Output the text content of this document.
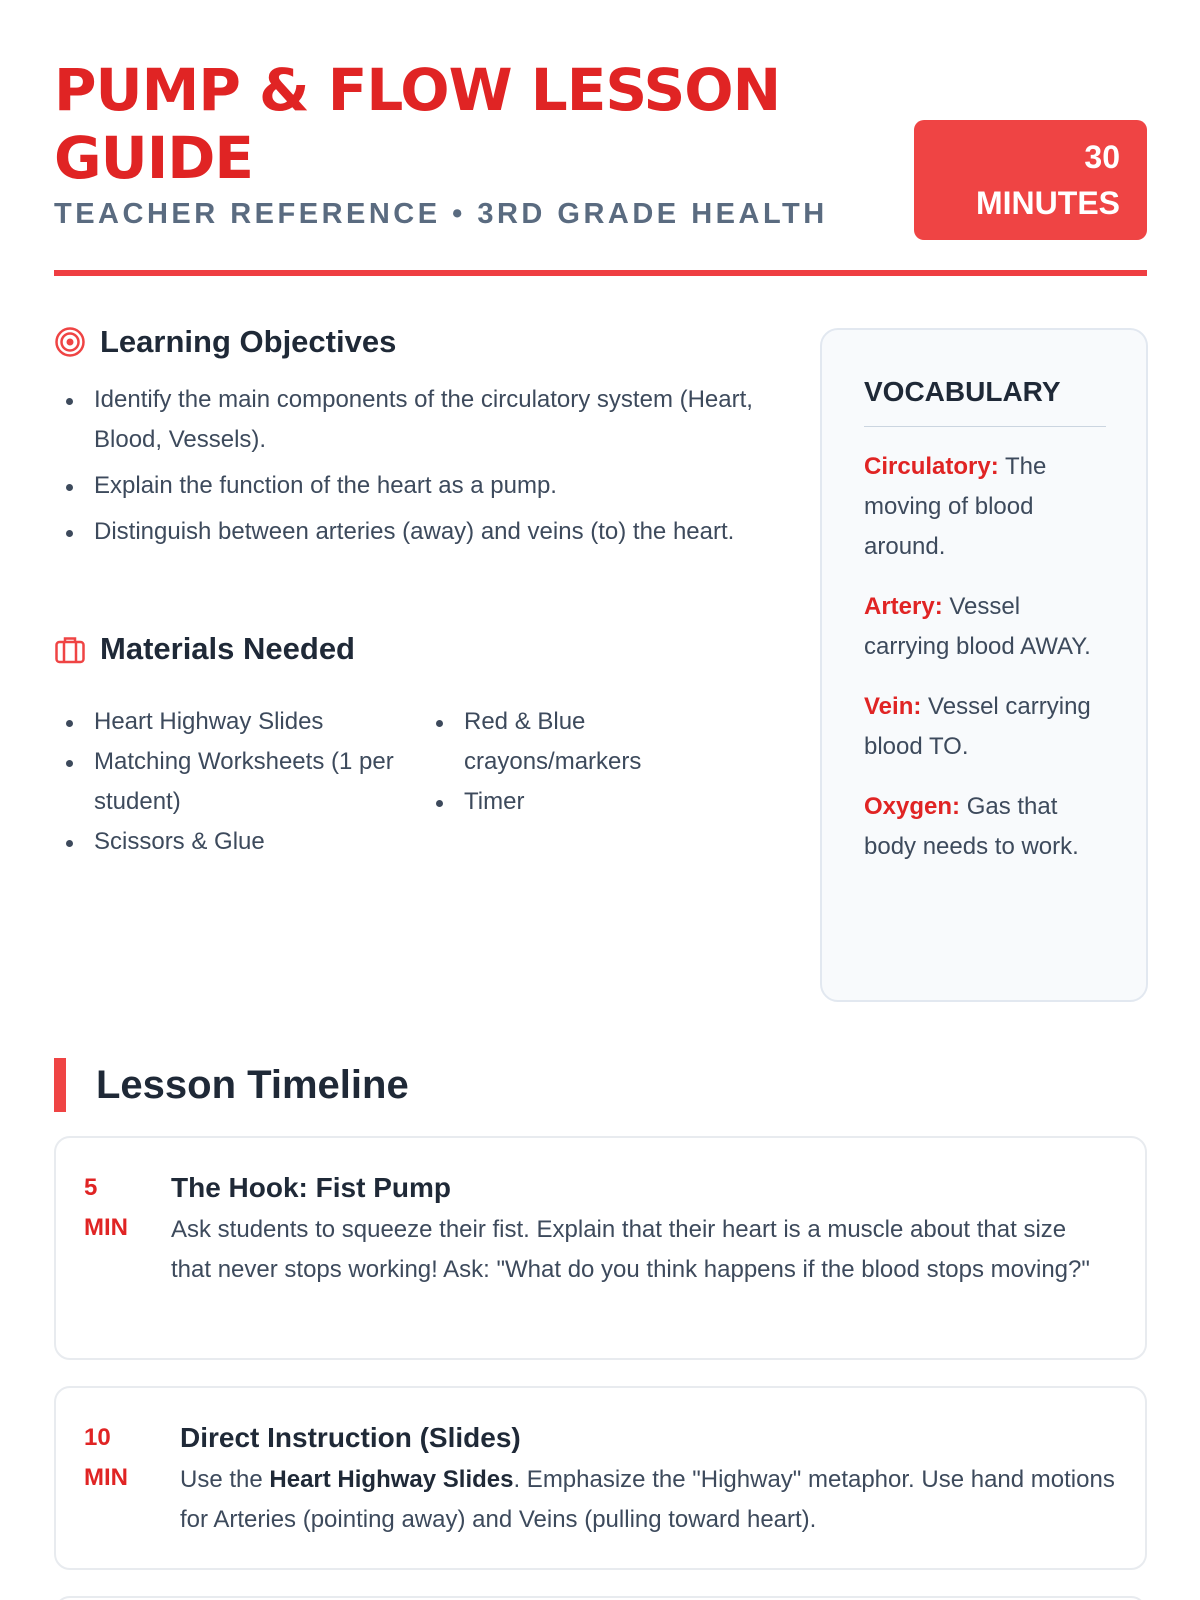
PUMP & FLOW LESSON GUIDE
TEACHER REFERENCE • 3RD GRADE HEALTH
30
MINUTES
Learning Objectives
Identify the main components of the circulatory system (Heart, Blood, Vessels).
Explain the function of the heart as a pump.
Distinguish between arteries (away) and veins (to) the heart.
Materials Needed
Heart Highway Slides
Matching Worksheets (1 per student)
Scissors & Glue
Red & Blue crayons/markers
Timer
VOCABULARY
Circulatory: The moving of blood around.
Artery: Vessel carrying blood AWAY.
Vein: Vessel carrying blood TO.
Oxygen: Gas that body needs to work.
Lesson Timeline
5
MIN
The Hook: Fist Pump
Ask students to squeeze their fist. Explain that their heart is a muscle about that size that never stops working! Ask: "What do you think happens if the blood stops moving?"
10
MIN
Direct Instruction (Slides)
Use the Heart Highway Slides. Emphasize the "Highway" metaphor. Use hand motions for Arteries (pointing away) and Veins (pulling toward heart).
